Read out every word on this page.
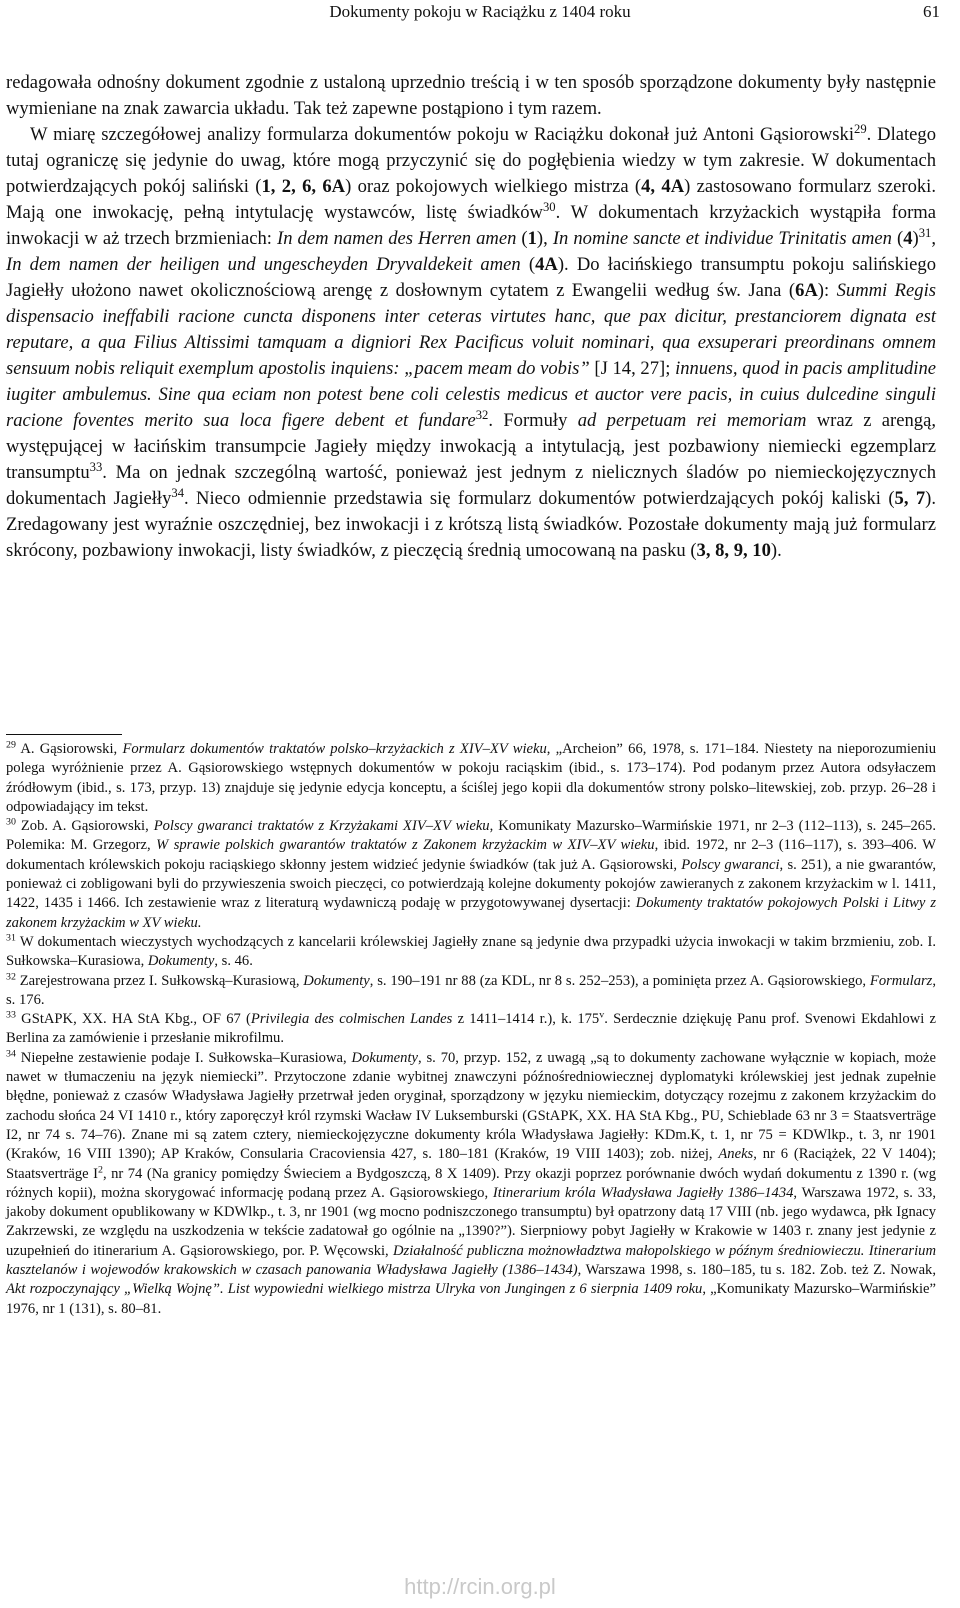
Dokumenty pokoju w Raciążku z 1404 roku	61

redagowała odnośny dokument zgodnie z ustaloną uprzednio treścią i w ten sposób sporządzone dokumenty były następnie wymieniane na znak zawarcia układu. Tak też zapewne postąpiono i tym razem.

W miarę szczegółowej analizy formularza dokumentów pokoju w Raciążku dokonał już Antoni Gąsiorowski$^{29}$. Dlatego tutaj ograniczę się jedynie do uwag, które mogą przyczynić się do pogłębienia wiedzy w tym zakresie. W dokumentach potwierdzających pokój saliński (1, 2, 6, 6A) oraz pokojowych wielkiego mistrza (4, 4A) zastosowano formularz szeroki. Mają one inwokację, pełną intytulację wystawców, listę świadków$^{30}$. W dokumentach krzyżackich wystąpiła forma inwokacji w aż trzech brzmieniach: In dem namen des Herren amen (1), In nomine sancte et individue Trinitatis amen $(4)^{31}$, In dem namen der heiligen und ungescheyden Dryvaldekeit amen (4A). Do łacińskiego transumptu pokoju salińskiego Jagiełły ułożono nawet okolicznościową arengę z dosłownym cytatem z Ewangelii według św. Jana (6A): Summi Regis dispensacio ineffabili racione cuncta disponens inter ceteras virtutes hanc, que pax dicitur, prestanciorem dignata est reputare, a qua Filius Altissimi tamquam a digniori Rex Pacificus voluit nominari, qua exsuperari preordinans omnem sensuum nobis reliquit exemplum apostolis inquiens: „pacem meam do vobis” [J 14, 27]; innuens, quod in pacis amplitudine iugiter ambulemus. Sine qua eciam non potest bene coli celestis medicus et auctor vere pacis, in cuius dulcedine singuli racione foventes merito sua loca figere debent et fundare$^{32}$. Formuły ad perpetuam rei memoriam wraz z arengą, występującej w łacińskim transumpcie Jagieły między inwokacją a intytulacją, jest pozbawiony niemiecki egzemplarz transumptu$^{33}$. Ma on jednak szczególną wartość, ponieważ jest jednym z nielicznych śladów po niemieckojęzycznych dokumentach Jagiełły$^{34}$. Nieco odmiennie przedstawia się formularz dokumentów potwierdzających pokój kaliski (5, 7). Zredagowany jest wyraźnie oszczędniej, bez inwokacji i z krótszą listą świadków. Pozostałe dokumenty mają już formularz skrócony, pozbawiony inwokacji, listy świadków, z pieczęcią średnią umocowaną na pasku (3, 8, 9, 10).

$^{29}$ A. Gąsiorowski, Formularz dokumentów traktatów polsko–krzyżackich z XIV–XV wieku, „Archeion” 66, 1978, s. 171–184. Niestety na nieporozumieniu polega wyróżnienie przez A. Gąsiorowskiego wstępnych dokumentów w pokoju raciąskim (ibid., s. 173–174). Pod podanym przez Autora odsyłaczem źródłowym (ibid., s. 173, przyp. 13) znajduje się jedynie edycja konceptu, a ściślej jego kopii dla dokumentów strony polsko–litewskiej, zob. przyp. 26–28 i odpowiadający im tekst.

$^{30}$ Zob. A. Gąsiorowski, Polscy gwaranci traktatów z Krzyżakami XIV–XV wieku, Komunikaty Mazursko–Warmińskie 1971, nr 2–3 (112–113), s. 245–265. Polemika: M. Grzegorz, W sprawie polskich gwarantów traktatów z Zakonem krzyżackim w XIV–XV wieku, ibid. 1972, nr 2–3 (116–117), s. 393–406. W dokumentach królewskich pokoju raciąskiego skłonny jestem widzieć jedynie świadków (tak już A. Gąsiorowski, Polscy gwaranci, s. 251), a nie gwarantów, ponieważ ci zobligowani byli do przywieszenia swoich pieczęci, co potwierdzają kolejne dokumenty pokojów zawieranych z zakonem krzyżackim w l. 1411, 1422, 1435 i 1466. Ich zestawienie wraz z literaturą wydawniczą podaję w przygotowywanej dysertacji: Dokumenty traktatów pokojowych Polski i Litwy z zakonem krzyżackim w XV wieku.

$^{31}$ W dokumentach wieczystych wychodzących z kancelarii królewskiej Jagiełły znane są jedynie dwa przypadki użycia inwokacji w takim brzmieniu, zob. I. Sułkowska–Kurasiowa, Dokumenty, s. 46.

$^{32}$ Zarejestrowana przez I. Sułkowską–Kurasiową, Dokumenty, s. 190–191 nr 88 (za KDL, nr 8 s. 252–253), a pominięta przez A. Gąsiorowskiego, Formularz, s. 176.

$^{33}$ GStAPK, XX. HA StA Kbg., OF 67 (Privilegia des colmischen Landes z 1411–1414 r.), k. 175$^v$. Serdecznie dziękuję Panu prof. Svenowi Ekdahlowi z Berlina za zamówienie i przesłanie mikrofilmu.

$^{34}$ Niepełne zestawienie podaje I. Sułkowska–Kurasiowa, Dokumenty, s. 70, przyp. 152, z uwagą „są to dokumenty zachowane wyłącznie w kopiach, może nawet w tłumaczeniu na język niemiecki”. Przytoczone zdanie wybitnej znawczyni późnośredniowiecznej dyplomatyki królewskiej jest jednak zupełnie błędne, ponieważ z czasów Władysława Jagiełły przetrwał jeden oryginał, sporządzony w języku niemieckim, dotyczący rozejmu z zakonem krzyżackim do zachodu słońca 24 VI 1410 r., który zaporęczył król rzymski Wacław IV Luksemburski (GStAPK, XX. HA StA Kbg., PU, Schieblade 63 nr 3 = Staatsverträge I2, nr 74 s. 74–76). Znane mi są zatem cztery, niemieckojęzyczne dokumenty króla Władysława Jagiełły: KDm.K, t. 1, nr 75 = KDWlkp., t. 3, nr 1901 (Kraków, 16 VIII 1390); AP Kraków, Consularia Cracoviensia 427, s. 180–181 (Kraków, 19 VIII 1403); zob. niżej, Aneks, nr 6 (Raciążek, 22 V 1404); Staatsverträge $I^2$, nr 74 (Na granicy pomiędzy Świeciem a Bydgoszczą, 8 X 1409). Przy okazji poprzez porównanie dwóch wydań dokumentu z 1390 r. (wg różnych kopii), można skorygować informację podaną przez A. Gąsiorowskiego, Itinerarium króla Władysława Jagiełły 1386–1434, Warszawa 1972, s. 33, jakoby dokument opublikowany w KDWlkp., t. 3, nr 1901 (wg mocno podniszczonego transumptu) był opatrzony datą 17 VIII (nb. jego wydawca, płk Ignacy Zakrzewski, ze względu na uszkodzenia w tekście zadatował go ogólnie na „1390?”). Sierpniowy pobyt Jagiełły w Krakowie w 1403 r. znany jest jedynie z uzupełnień do itinerarium A. Gąsiorowskiego, por. P. Węcowski, Działalność publiczna możnowładztwa małopolskiego w późnym średniowieczu. Itinerarium kasztelanów i wojewodów krakowskich w czasach panowania Władysława Jagiełły (1386–1434), Warszawa 1998, s. 180–185, tu s. 182. Zob. też Z. Nowak, Akt rozpoczynający „Wielką Wojnę”. List wypowiedni wielkiego mistrza Ulryka von Jungingen z 6 sierpnia 1409 roku, „Komunikaty Mazursko–Warmińskie” 1976, nr 1 (131), s. 80–81.

http://rcin.org.pl
